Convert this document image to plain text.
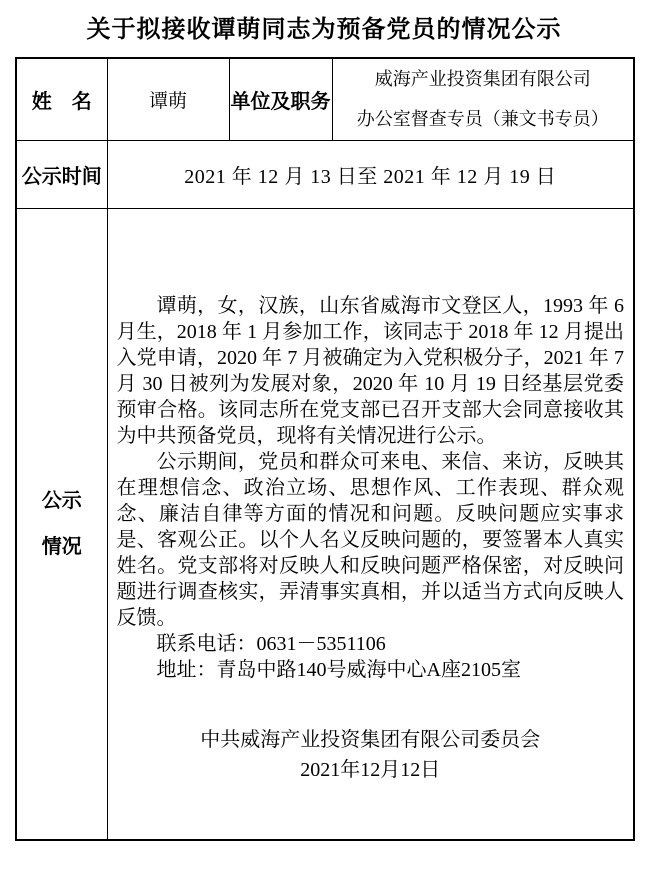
关于拟接收谭萌同志为预备党员的情况公示
姓　名	谭萌	单位及职务	威海产业投资集团有限公司
办公室督查专员（兼文书专员）

公示时间	2021 年 12 月 13 日至 2021 年 12 月 19 日		

公示
情况

谭萌，女，汉族，山东省威海市文登区人，1993 年 6 月生，2018 年 1 月参加工作，该同志于 2018 年 12 月提出入党申请，2020 年 7 月被确定为入党积极分子，2021 年 7 月 30 日被列为发展对象，2020 年 10 月 19 日经基层党委预审合格。该同志所在党支部已召开支部大会同意接收其为中共预备党员，现将有关情况进行公示。

公示期间，党员和群众可来电、来信、来访，反映其在理想信念、政治立场、思想作风、工作表现、群众观念、廉洁自律等方面的情况和问题。反映问题应实事求是、客观公正。以个人名义反映问题的，要签署本人真实姓名。党支部将对反映人和反映问题严格保密，对反映问题进行调查核实，弄清事实真相，并以适当方式向反映人反馈。

联系电话：0631－5351106
地址：青岛中路140号威海中心A座2105室
中共威海产业投资集团有限公司委员会
2021年12月12日
